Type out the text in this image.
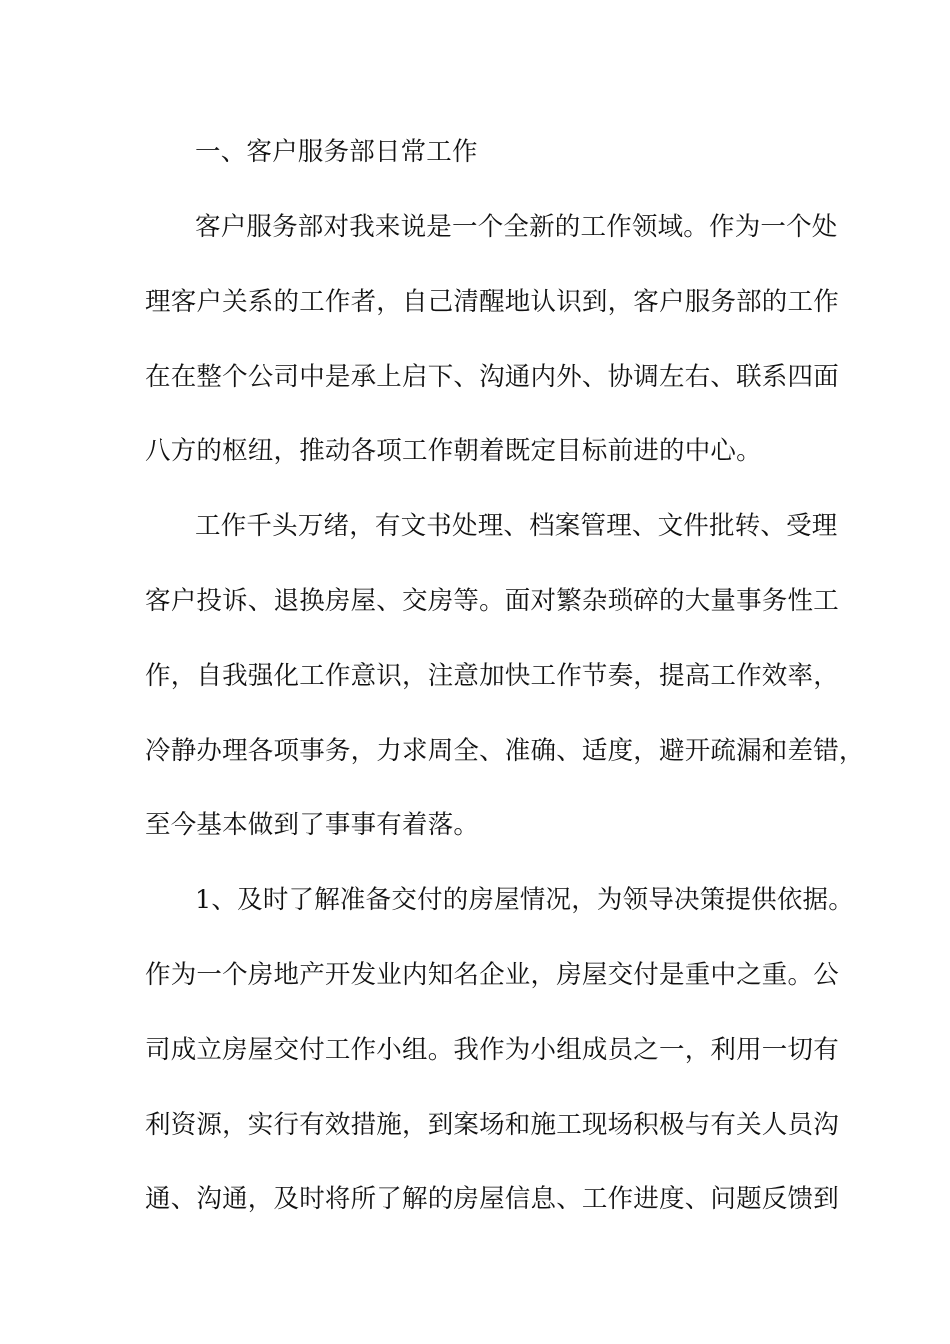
一、客户服务部日常工作
客户服务部对我来说是一个全新的工作领域。作为一个处
理客户关系的工作者，自己清醒地认识到，客户服务部的工作
在在整个公司中是承上启下、沟通内外、协调左右、联系四面
八方的枢纽，推动各项工作朝着既定目标前进的中心。
工作千头万绪，有文书处理、档案管理、文件批转、受理
客户投诉、退换房屋、交房等。面对繁杂琐碎的大量事务性工
作，自我强化工作意识，注意加快工作节奏，提高工作效率，
冷静办理各项事务，力求周全、准确、适度，避开疏漏和差错，
至今基本做到了事事有着落。
1、及时了解准备交付的房屋情况，为领导决策提供依据。
作为一个房地产开发业内知名企业，房屋交付是重中之重。公
司成立房屋交付工作小组。我作为小组成员之一，利用一切有
利资源，实行有效措施，到案场和施工现场积极与有关人员沟
通、沟通，及时将所了解的房屋信息、工作进度、问题反馈到
